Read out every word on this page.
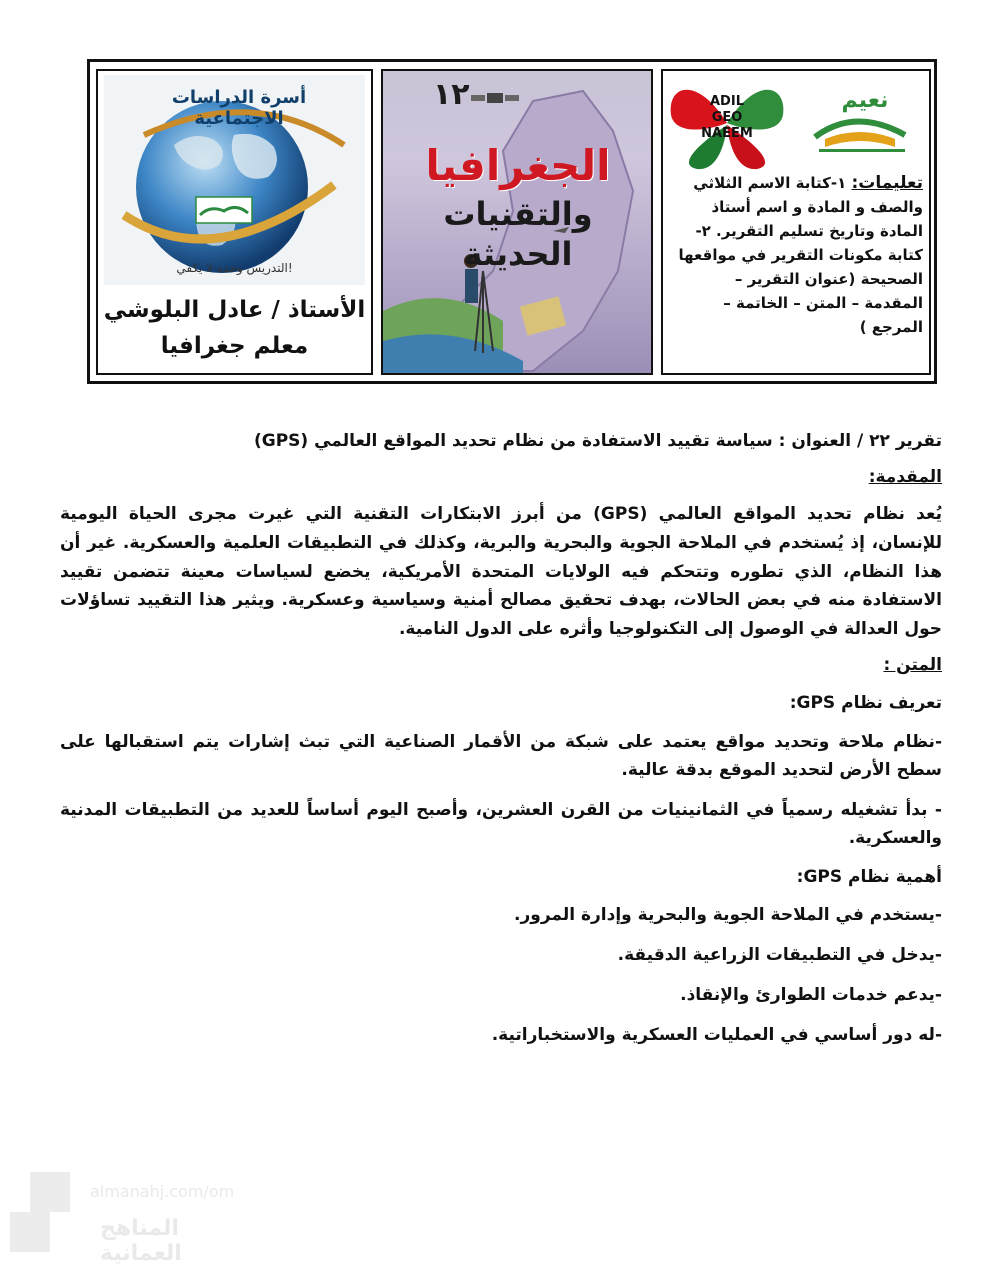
أسرة الدراسات الاجتماعية
التدريس وحده لا يكفي!
الأستاذ / عادل البلوشي
معلم جغرافيا
١٢
الجغرافيا
والتقنيات
الحديثة
ADIL
GEO
NAEEM
نعيم
تعليمات: ١-كتابة الاسم الثلاثي والصف و المادة و اسم أستاذ المادة وتاريخ تسليم التقرير. ٢- كتابة مكونات التقرير في مواقعها الصحيحة (عنوان التقرير – المقدمة – المتن – الخاتمة – المرجع )
تقرير ٢٢ / العنوان : سياسة تقييد الاستفادة من نظام تحديد المواقع العالمي (GPS)
المقدمة:
يُعد نظام تحديد المواقع العالمي (GPS) من أبرز الابتكارات التقنية التي غيرت مجرى الحياة اليومية للإنسان، إذ يُستخدم في الملاحة الجوية والبحرية والبرية، وكذلك في التطبيقات العلمية والعسكرية. غير أن هذا النظام، الذي تطوره وتتحكم فيه الولايات المتحدة الأمريكية، يخضع لسياسات معينة تتضمن تقييد الاستفادة منه في بعض الحالات، بهدف تحقيق مصالح أمنية وسياسية وعسكرية. ويثير هذا التقييد تساؤلات حول العدالة في الوصول إلى التكنولوجيا وأثره على الدول النامية.
المتن :
تعريف نظام GPS:
-نظام ملاحة وتحديد مواقع يعتمد على شبكة من الأقمار الصناعية التي تبث إشارات يتم استقبالها على سطح الأرض لتحديد الموقع بدقة عالية.
- بدأ تشغيله رسمياً في الثمانينيات من القرن العشرين، وأصبح اليوم أساساً للعديد من التطبيقات المدنية والعسكرية.
أهمية نظام GPS:
-يستخدم في الملاحة الجوية والبحرية وإدارة المرور.
-يدخل في التطبيقات الزراعية الدقيقة.
-يدعم خدمات الطوارئ والإنقاذ.
-له دور أساسي في العمليات العسكرية والاستخباراتية.
almanahj.com/om
المناهج العمانية
